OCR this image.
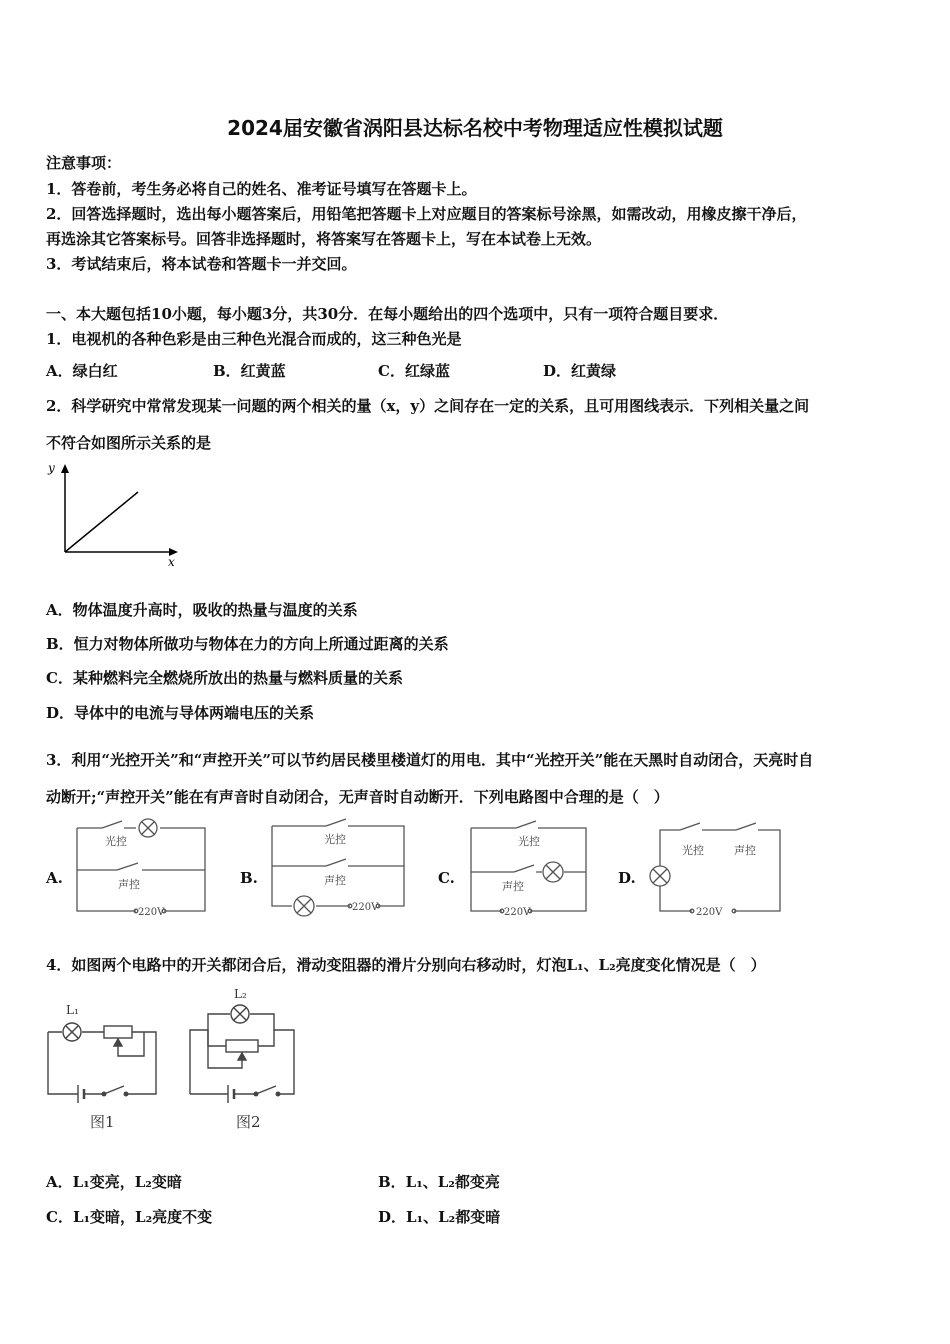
2024届安徽省涡阳县达标名校中考物理适应性模拟试题
注意事项：
1．答卷前，考生务必将自己的姓名、准考证号填写在答题卡上。
2．回答选择题时，选出每小题答案后，用铅笔把答题卡上对应题目的答案标号涂黑，如需改动，用橡皮擦干净后，
再选涂其它答案标号。回答非选择题时，将答案写在答题卡上，写在本试卷上无效。
3．考试结束后，将本试卷和答题卡一并交回。
一、本大题包括10小题，每小题3分，共30分．在每小题给出的四个选项中，只有一项符合题目要求．
1．电视机的各种色彩是由三种色光混合而成的，这三种色光是
A．绿白红	B．红黄蓝	C．红绿蓝	D．红黄绿
2．科学研究中常常发现某一问题的两个相关的量（x，y）之间存在一定的关系，且可用图线表示．下列相关量之间
不符合如图所示关系的是
y
x
A．物体温度升高时，吸收的热量与温度的关系
B．恒力对物体所做功与物体在力的方向上所通过距离的关系
C．某种燃料完全燃烧所放出的热量与燃料质量的关系
D．导体中的电流与导体两端电压的关系
3．利用“光控开关”和“声控开关”可以节约居民楼里楼道灯的用电．其中“光控开关”能在天黑时自动闭合，天亮时自
动断开;“声控开关”能在有声音时自动闭合，无声音时自动断开．下列电路图中合理的是（　）
A.	B.	C.	D.
光控
声控
220V
光控
声控
220V
光控
声控
220V
光控	声控
220V
4．如图两个电路中的开关都闭合后，滑动变阻器的滑片分别向右移动时，灯泡L₁、L₂亮度变化情况是（　）
L₁
L₂
图1	图2
A．L₁变亮，L₂变暗	B．L₁、L₂都变亮
C．L₁变暗，L₂亮度不变	D．L₁、L₂都变暗
